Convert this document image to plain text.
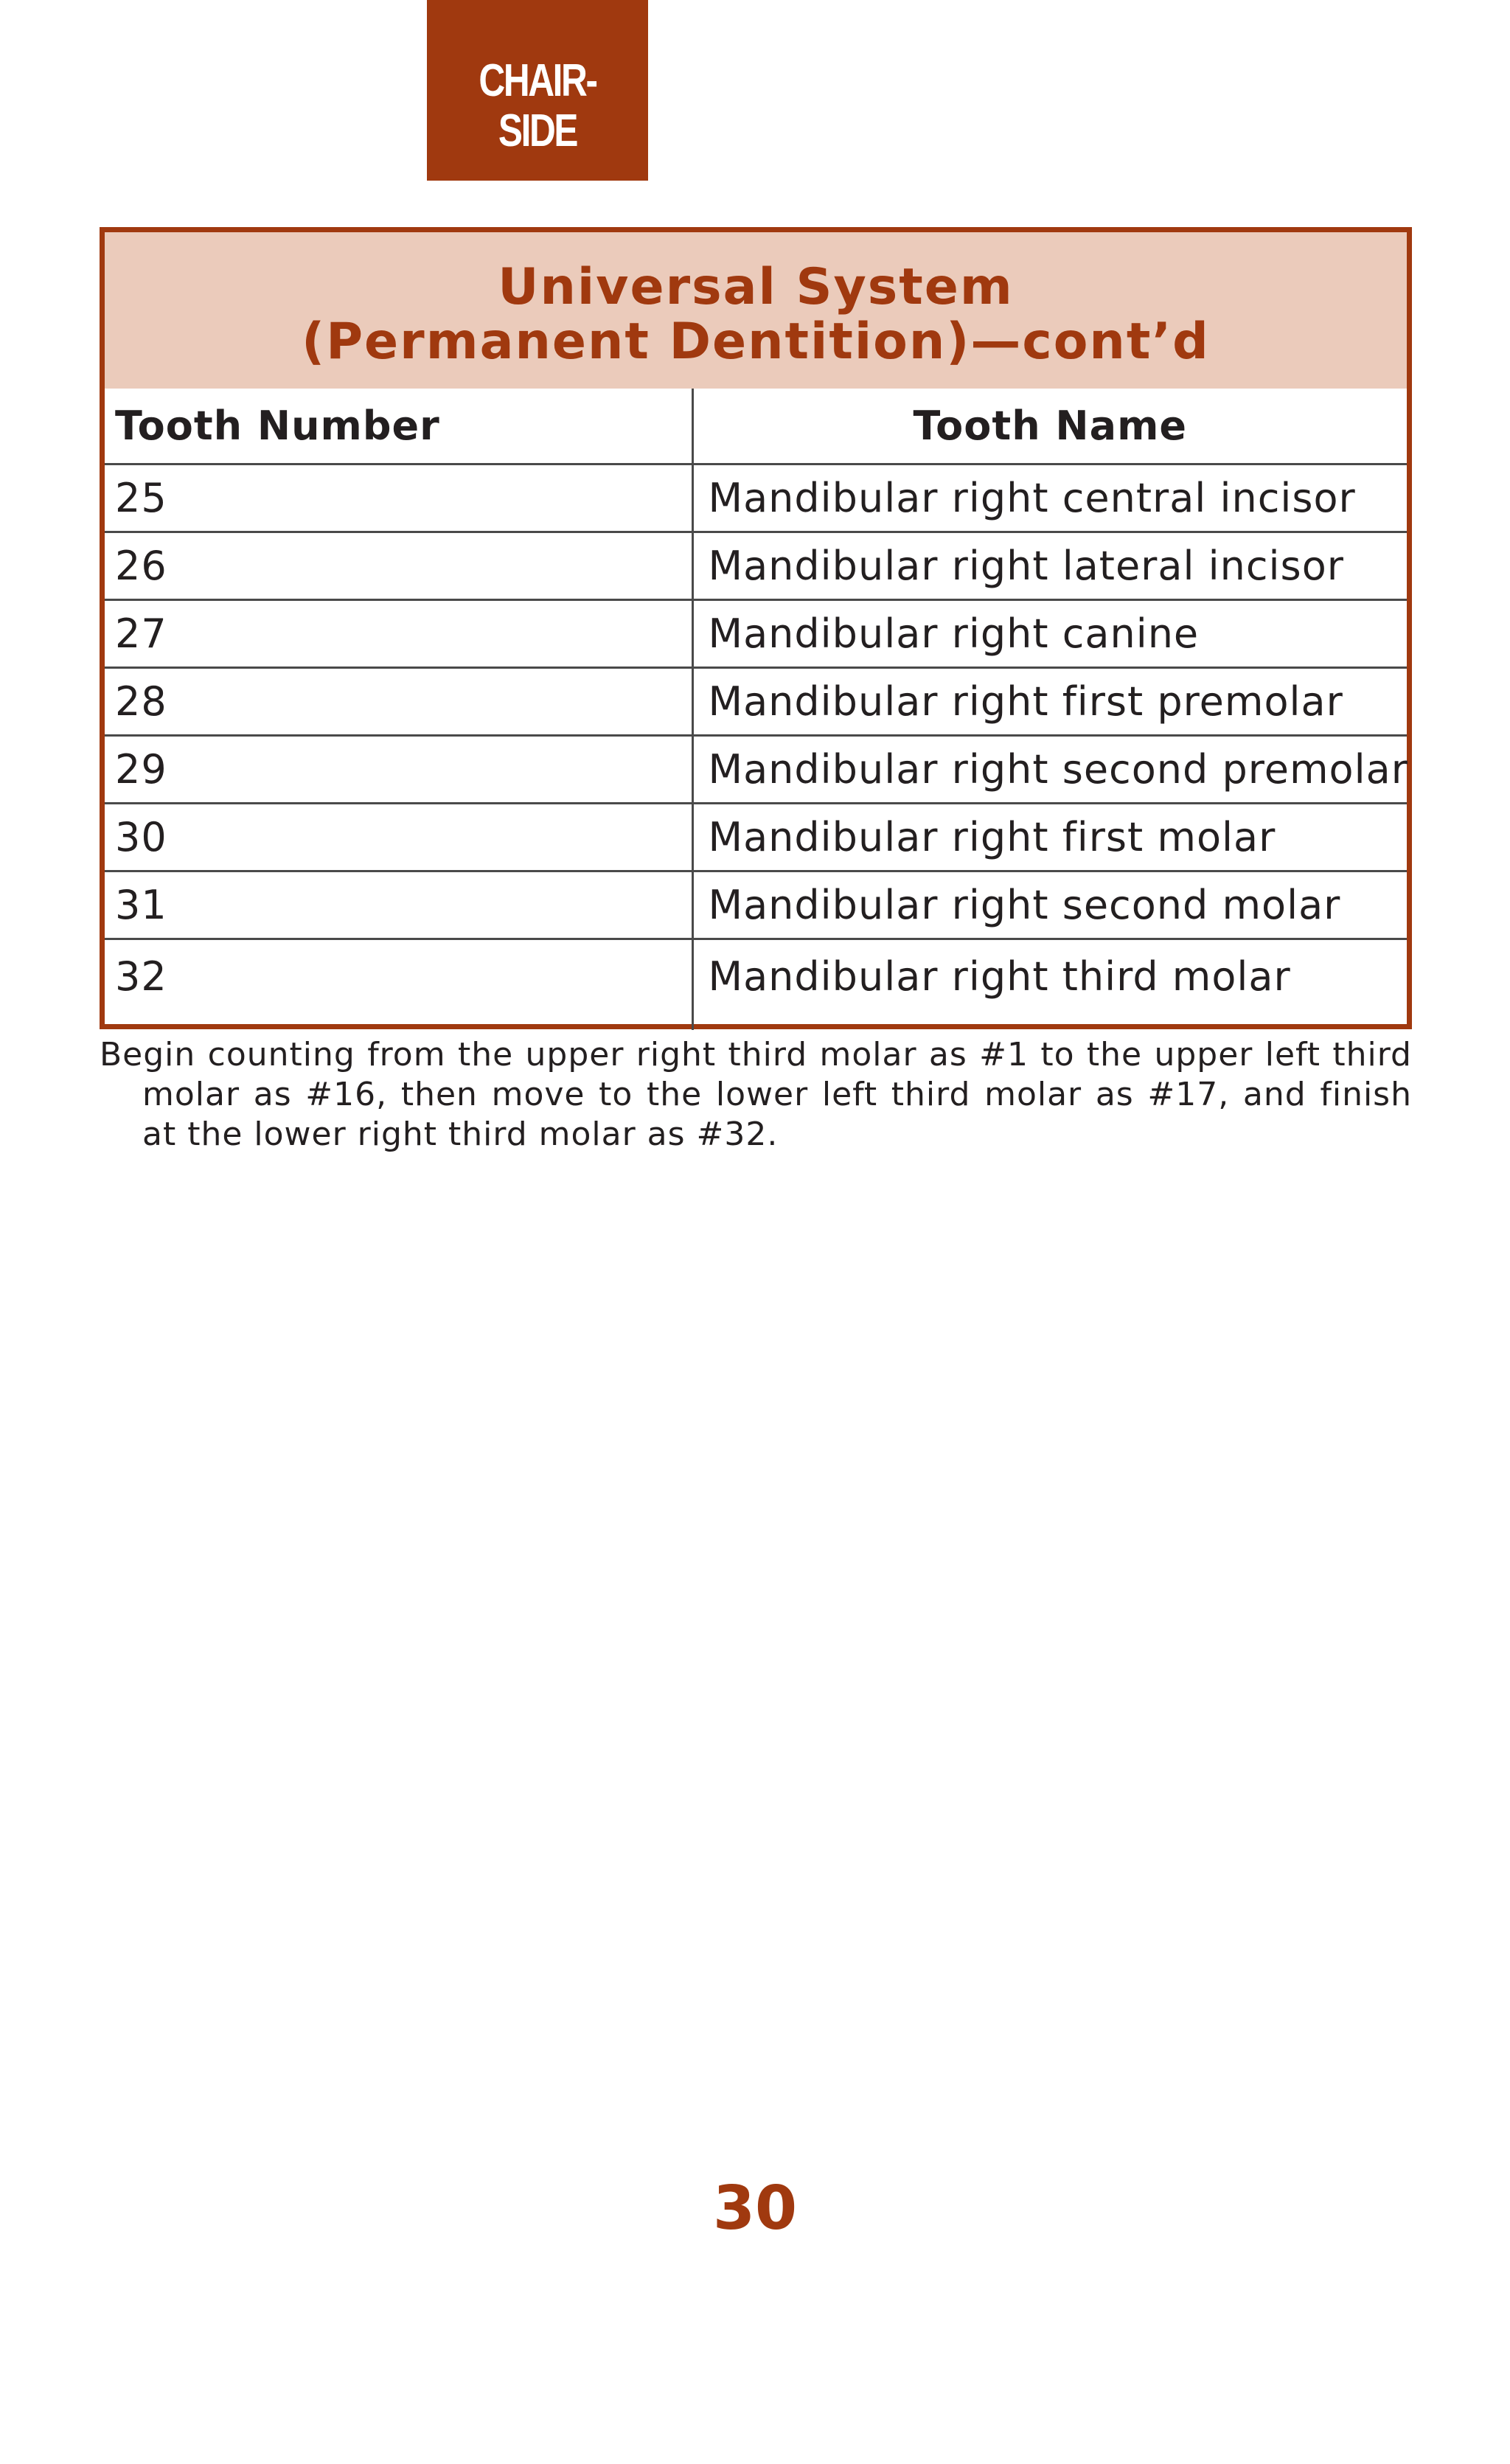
CHAIR-
SIDE
Universal System
(Permanent Dentition)—cont’d
Tooth Number	Tooth Name
25	Mandibular right central incisor
26	Mandibular right lateral incisor
27	Mandibular right canine
28	Mandibular right first premolar
29	Mandibular right second premolar
30	Mandibular right first molar
31	Mandibular right second molar
32	Mandibular right third molar
Begin counting from the upper right third molar as #1 to the upper left third molar as #16, then move to the lower left third molar as #17, and finish at the lower right third molar as #32.
30
